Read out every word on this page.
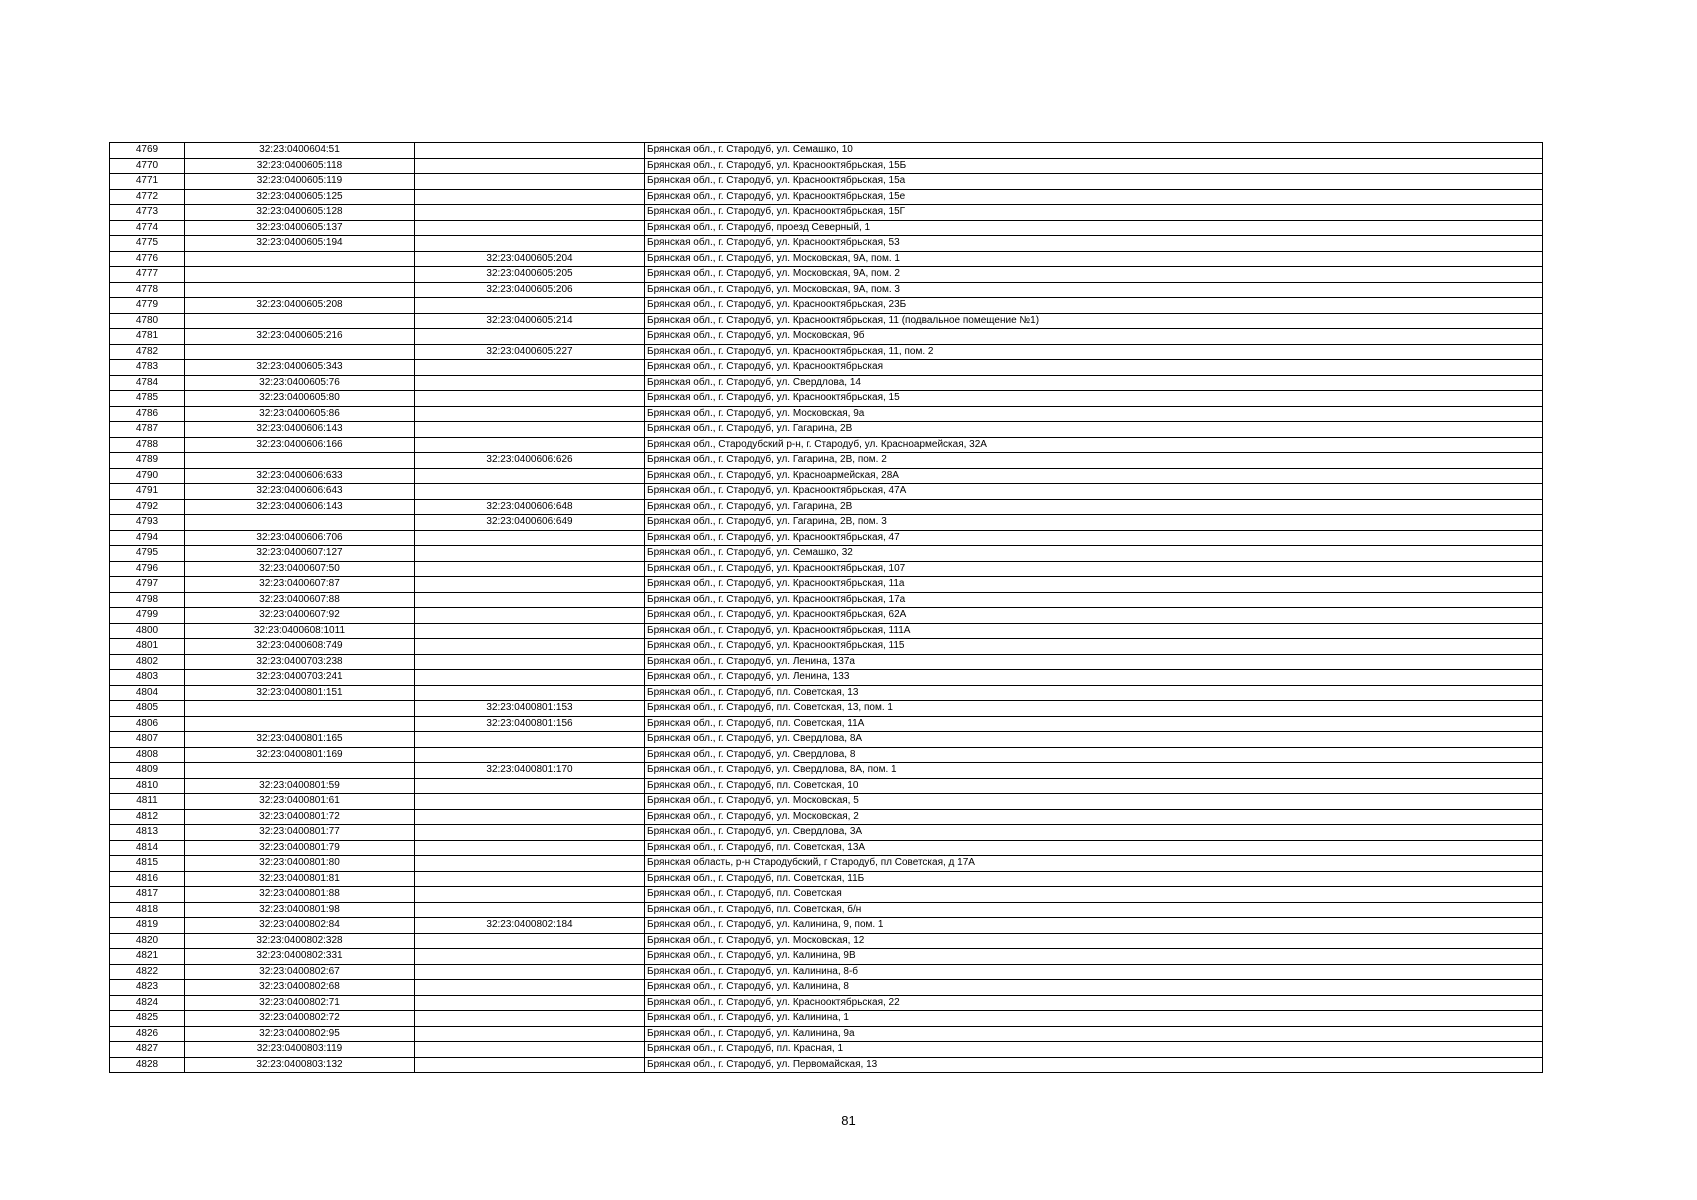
4769	32:23:0400604:51		Брянская обл., г. Стародуб, ул. Семашко, 10
4770	32:23:0400605:118		Брянская обл., г. Стародуб, ул. Краснооктябрьская, 15Б
4771	32:23:0400605:119		Брянская обл., г. Стародуб, ул. Краснооктябрьская, 15а
4772	32:23:0400605:125		Брянская обл., г. Стародуб, ул. Краснооктябрьская, 15е
4773	32:23:0400605:128		Брянская обл., г. Стародуб, ул. Краснооктябрьская, 15Г
4774	32:23:0400605:137		Брянская обл., г. Стародуб, проезд Северный, 1
4775	32:23:0400605:194		Брянская обл., г. Стародуб, ул. Краснооктябрьская, 53
4776		32:23:0400605:204	Брянская обл., г. Стародуб, ул. Московская, 9А, пом. 1
4777		32:23:0400605:205	Брянская обл., г. Стародуб, ул. Московская, 9А, пом. 2
4778		32:23:0400605:206	Брянская обл., г. Стародуб, ул. Московская, 9А, пом. 3
4779	32:23:0400605:208		Брянская обл., г. Стародуб, ул. Краснооктябрьская, 23Б
4780		32:23:0400605:214	Брянская обл., г. Стародуб, ул. Краснооктябрьская, 11 (подвальное помещение №1)
4781	32:23:0400605:216		Брянская обл., г. Стародуб, ул. Московская, 9б
4782		32:23:0400605:227	Брянская обл., г. Стародуб, ул. Краснооктябрьская, 11, пом. 2
4783	32:23:0400605:343		Брянская обл., г. Стародуб, ул. Краснооктябрьская
4784	32:23:0400605:76		Брянская обл., г. Стародуб, ул. Свердлова, 14
4785	32:23:0400605:80		Брянская обл., г. Стародуб, ул. Краснооктябрьская, 15
4786	32:23:0400605:86		Брянская обл., г. Стародуб, ул. Московская, 9а
4787	32:23:0400606:143		Брянская обл., г. Стародуб, ул. Гагарина, 2В
4788	32:23:0400606:166		Брянская обл., Стародубский р-н, г. Стародуб, ул. Красноармейская, 32А
4789		32:23:0400606:626	Брянская обл., г. Стародуб, ул. Гагарина, 2В, пом. 2
4790	32:23:0400606:633		Брянская обл., г. Стародуб, ул. Красноармейская, 28А
4791	32:23:0400606:643		Брянская обл., г. Стародуб, ул. Краснооктябрьская, 47А
4792	32:23:0400606:143	32:23:0400606:648	Брянская обл., г. Стародуб, ул. Гагарина, 2В
4793		32:23:0400606:649	Брянская обл., г. Стародуб, ул. Гагарина, 2В, пом. 3
4794	32:23:0400606:706		Брянская обл., г. Стародуб, ул. Краснооктябрьская, 47
4795	32:23:0400607:127		Брянская обл., г. Стародуб, ул. Семашко, 32
4796	32:23:0400607:50		Брянская обл., г. Стародуб, ул. Краснооктябрьская, 107
4797	32:23:0400607:87		Брянская обл., г. Стародуб, ул. Краснооктябрьская, 11а
4798	32:23:0400607:88		Брянская обл., г. Стародуб, ул. Краснооктябрьская, 17а
4799	32:23:0400607:92		Брянская обл., г. Стародуб, ул. Краснооктябрьская, 62А
4800	32:23:0400608:1011		Брянская обл., г. Стародуб, ул. Краснооктябрьская, 111А
4801	32:23:0400608:749		Брянская обл., г. Стародуб, ул. Краснооктябрьская, 115
4802	32:23:0400703:238		Брянская обл., г. Стародуб, ул. Ленина, 137а
4803	32:23:0400703:241		Брянская обл., г. Стародуб, ул. Ленина, 133
4804	32:23:0400801:151		Брянская обл., г. Стародуб, пл. Советская, 13
4805		32:23:0400801:153	Брянская обл., г. Стародуб, пл. Советская, 13, пом. 1
4806		32:23:0400801:156	Брянская обл., г. Стародуб, пл. Советская, 11А
4807	32:23:0400801:165		Брянская обл., г. Стародуб, ул. Свердлова, 8А
4808	32:23:0400801:169		Брянская обл., г. Стародуб, ул. Свердлова, 8
4809		32:23:0400801:170	Брянская обл., г. Стародуб, ул. Свердлова, 8А, пом. 1
4810	32:23:0400801:59		Брянская обл., г. Стародуб, пл. Советская, 10
4811	32:23:0400801:61		Брянская обл., г. Стародуб, ул. Московская, 5
4812	32:23:0400801:72		Брянская обл., г. Стародуб, ул. Московская, 2
4813	32:23:0400801:77		Брянская обл., г. Стародуб, ул. Свердлова, 3А
4814	32:23:0400801:79		Брянская обл., г. Стародуб, пл. Советская, 13А
4815	32:23:0400801:80		Брянская область, р-н Стародубский, г Стародуб, пл Советская, д 17А
4816	32:23:0400801:81		Брянская обл., г. Стародуб, пл. Советская, 11Б
4817	32:23:0400801:88		Брянская обл., г. Стародуб, пл. Советская
4818	32:23:0400801:98		Брянская обл., г. Стародуб, пл. Советская, б/н
4819	32:23:0400802:84	32:23:0400802:184	Брянская обл., г. Стародуб, ул. Калинина, 9, пом. 1
4820	32:23:0400802:328		Брянская обл., г. Стародуб, ул. Московская, 12
4821	32:23:0400802:331		Брянская обл., г. Стародуб, ул. Калинина, 9В
4822	32:23:0400802:67		Брянская обл., г. Стародуб, ул. Калинина, 8-б
4823	32:23:0400802:68		Брянская обл., г. Стародуб, ул. Калинина, 8
4824	32:23:0400802:71		Брянская обл., г. Стародуб, ул. Краснооктябрьская, 22
4825	32:23:0400802:72		Брянская обл., г. Стародуб, ул. Калинина, 1
4826	32:23:0400802:95		Брянская обл., г. Стародуб, ул. Калинина, 9а
4827	32:23:0400803:119		Брянская обл., г. Стародуб, пл. Красная, 1
4828	32:23:0400803:132		Брянская обл., г. Стародуб, ул. Первомайская, 13
81
